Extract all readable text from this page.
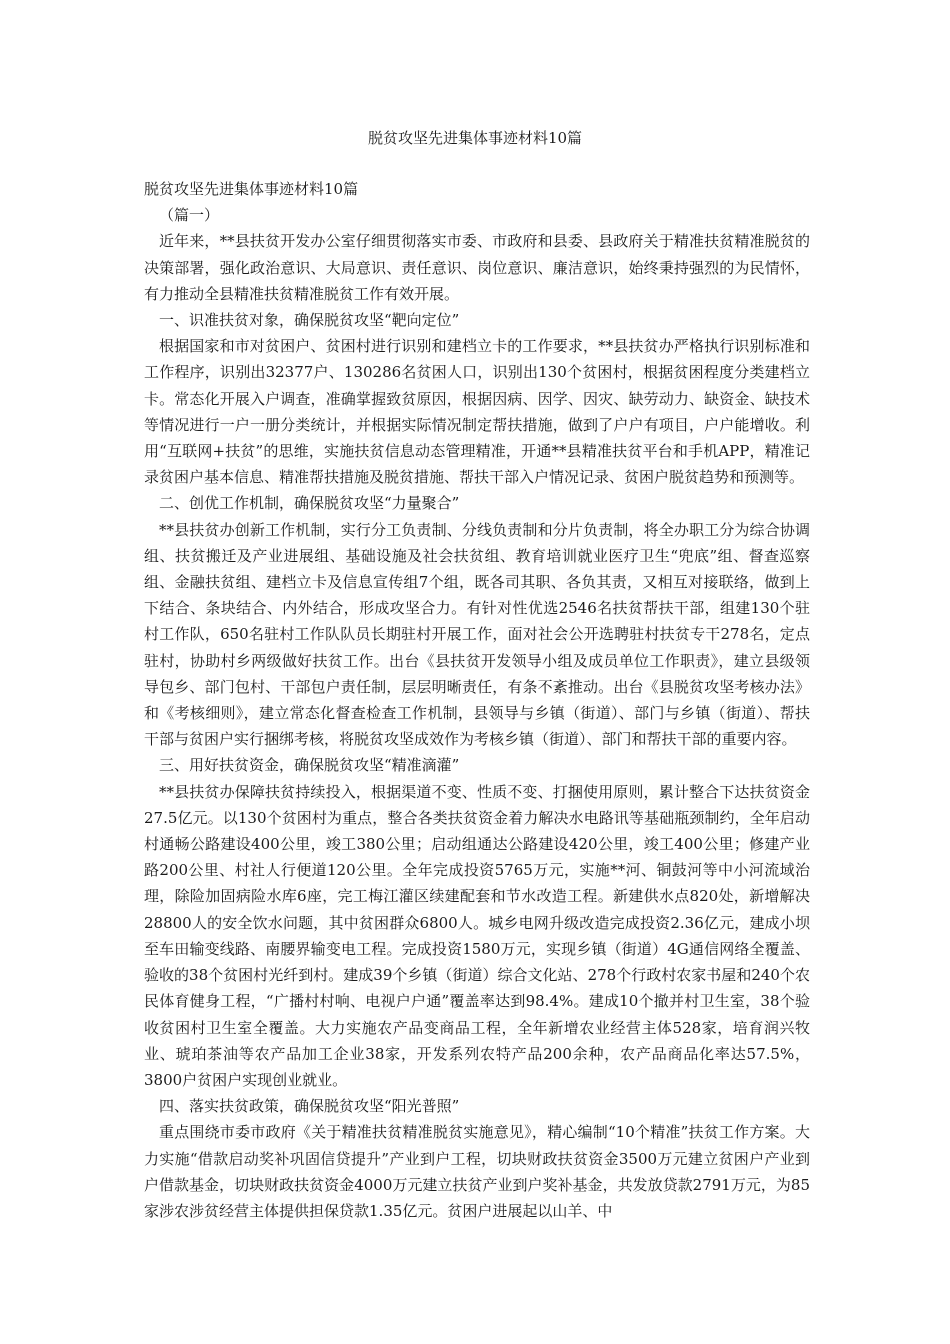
脱贫攻坚先进集体事迹材料10篇

脱贫攻坚先进集体事迹材料10篇

（篇一）

近年来，**县扶贫开发办公室仔细贯彻落实市委、市政府和县委、县政府关于精准扶贫精准脱贫的决策部署，强化政治意识、大局意识、责任意识、岗位意识、廉洁意识，始终秉持强烈的为民情怀，有力推动全县精准扶贫精准脱贫工作有效开展。

一、识准扶贫对象，确保脱贫攻坚“靶向定位”

根据国家和市对贫困户、贫困村进行识别和建档立卡的工作要求，**县扶贫办严格执行识别标准和工作程序，识别出32377户、130286名贫困人口，识别出130个贫困村，根据贫困程度分类建档立卡。常态化开展入户调查，准确掌握致贫原因，根据因病、因学、因灾、缺劳动力、缺资金、缺技术等情况进行一户一册分类统计，并根据实际情况制定帮扶措施，做到了户户有项目，户户能增收。利用“互联网+扶贫”的思维，实施扶贫信息动态管理精准，开通**县精准扶贫平台和手机APP，精准记录贫困户基本信息、精准帮扶措施及脱贫措施、帮扶干部入户情况记录、贫困户脱贫趋势和预测等。

二、创优工作机制，确保脱贫攻坚“力量聚合”

**县扶贫办创新工作机制，实行分工负责制、分线负责制和分片负责制，将全办职工分为综合协调组、扶贫搬迁及产业进展组、基础设施及社会扶贫组、教育培训就业医疗卫生“兜底”组、督查巡察组、金融扶贫组、建档立卡及信息宣传组7个组，既各司其职、各负其责，又相互对接联络，做到上下结合、条块结合、内外结合，形成攻坚合力。有针对性优选2546名扶贫帮扶干部，组建130个驻村工作队，650名驻村工作队队员长期驻村开展工作，面对社会公开选聘驻村扶贫专干278名，定点驻村，协助村乡两级做好扶贫工作。出台《县扶贫开发领导小组及成员单位工作职责》，建立县级领导包乡、部门包村、干部包户责任制，层层明晰责任，有条不紊推动。出台《县脱贫攻坚考核办法》和《考核细则》，建立常态化督查检查工作机制，县领导与乡镇（街道）、部门与乡镇（街道）、帮扶干部与贫困户实行捆绑考核，将脱贫攻坚成效作为考核乡镇（街道）、部门和帮扶干部的重要内容。

三、用好扶贫资金，确保脱贫攻坚“精准滴灌”

**县扶贫办保障扶贫持续投入，根据渠道不变、性质不变、打捆使用原则，累计整合下达扶贫资金27.5亿元。以130个贫困村为重点，整合各类扶贫资金着力解决水电路讯等基础瓶颈制约，全年启动村通畅公路建设400公里，竣工380公里；启动组通达公路建设420公里，竣工400公里；修建产业路200公里、村社人行便道120公里。全年完成投资5765万元，实施**河、铜鼓河等中小河流域治理，除险加固病险水库6座，完工梅江灌区续建配套和节水改造工程。新建供水点820处，新增解决28800人的安全饮水问题，其中贫困群众6800人。城乡电网升级改造完成投资2.36亿元，建成小坝至车田输变线路、南腰界输变电工程。完成投资1580万元，实现乡镇（街道）4G通信网络全覆盖、验收的38个贫困村光纤到村。建成39个乡镇（街道）综合文化站、278个行政村农家书屋和240个农民体育健身工程，“广播村村响、电视户户通”覆盖率达到98.4%。建成10个撤并村卫生室，38个验收贫困村卫生室全覆盖。大力实施农产品变商品工程，全年新增农业经营主体528家，培育润兴牧业、琥珀茶油等农产品加工企业38家，开发系列农特产品200余种，农产品商品化率达57.5%，3800户贫困户实现创业就业。

四、落实扶贫政策，确保脱贫攻坚“阳光普照”

重点围绕市委市政府《关于精准扶贫精准脱贫实施意见》，精心编制“10个精准”扶贫工作方案。大力实施“借款启动奖补巩固信贷提升”产业到户工程，切块财政扶贫资金3500万元建立贫困户产业到户借款基金，切块财政扶贫资金4000万元建立扶贫产业到户奖补基金，共发放贷款2791万元，为85家涉农涉贫经营主体提供担保贷款1.35亿元。贫困户进展起以山羊、中
